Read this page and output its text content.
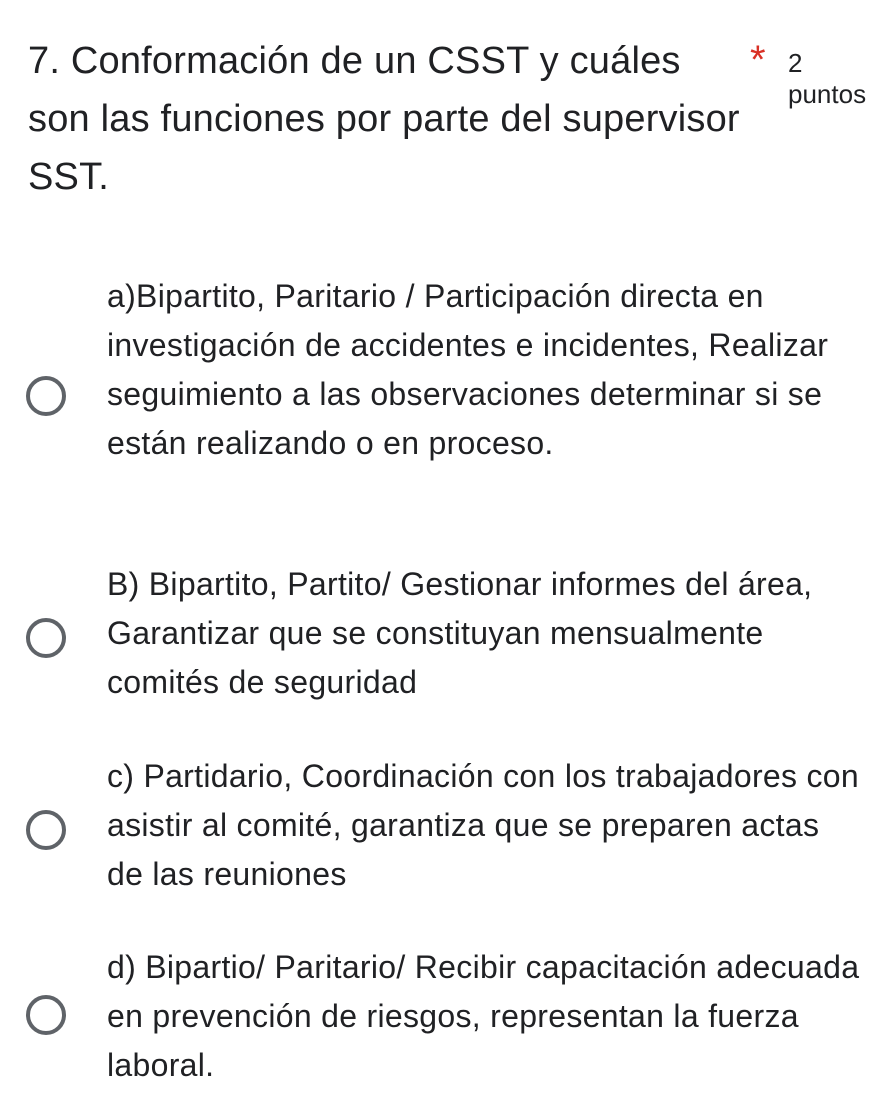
7. Conformación de un CSST y cuáles son las funciones por parte del supervisor SST.
* 2 puntos
a)Bipartito, Paritario / Participación directa en investigación de accidentes e incidentes, Realizar seguimiento a las observaciones determinar si se están realizando o en proceso.
B) Bipartito, Partito/ Gestionar informes del área, Garantizar que se constituyan mensualmente comités de seguridad
c) Partidario, Coordinación con los trabajadores con asistir al comité, garantiza que se preparen actas de las reuniones
d) Bipartio/ Paritario/ Recibir capacitación adecuada en prevención de riesgos, representan la fuerza laboral.
